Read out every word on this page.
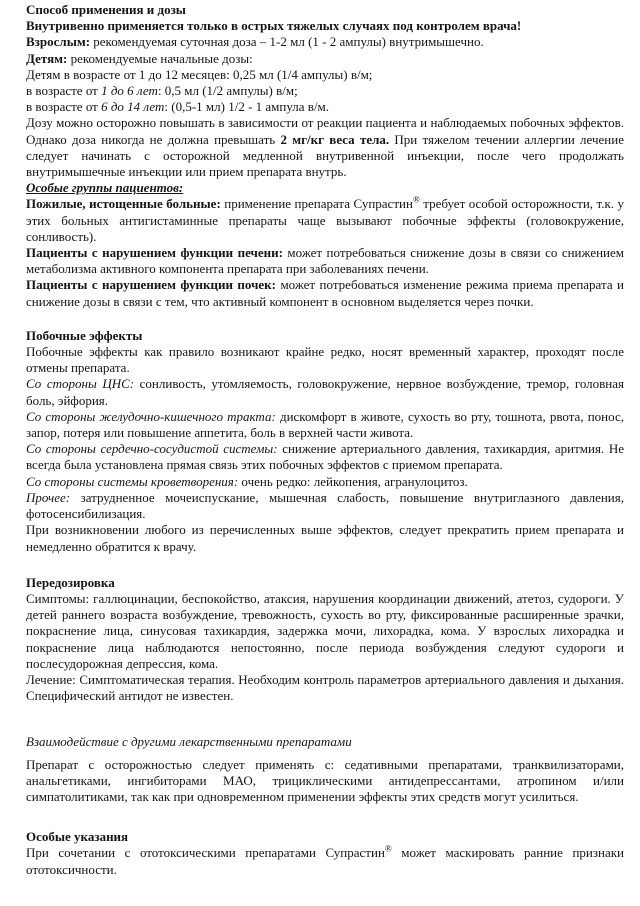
Способ применения и дозы

Внутривенно применяется только в острых тяжелых случаях под контролем врача!

Взрослым: рекомендуемая суточная доза – 1-2 мл (1 - 2 ампулы) внутримышечно.

Детям: рекомендуемые начальные дозы:

Детям в возрасте от 1 до 12 месяцев: 0,25 мл (1/4 ампулы) в/м;

в возрасте от 1 до 6 лет: 0,5 мл (1/2 ампулы) в/м;

в возрасте от 6 до 14 лет: (0,5-1 мл) 1/2 - 1 ампула в/м.

Дозу можно осторожно повышать в зависимости от реакции пациента и наблюдаемых побочных эффектов. Однако доза никогда не должна превышать 2 мг/кг веса тела. При тяжелом течении аллергии лечение следует начинать с осторожной медленной внутривенной инъекции, после чего продолжать внутримышечные инъекции или прием препарата внутрь.

Особые группы пациентов:

Пожилые, истощенные больные: применение препарата Супрастин® требует особой осторожности, т.к. у этих больных антигистаминные препараты чаще вызывают побочные эффекты (головокружение, сонливость).

Пациенты с нарушением функции печени: может потребоваться снижение дозы в связи со снижением метаболизма активного компонента препарата при заболеваниях печени.

Пациенты с нарушением функции почек: может потребоваться изменение режима приема препарата и снижение дозы в связи с тем, что активный компонент в основном выделяется через почки.

Побочные эффекты

Побочные эффекты как правило возникают крайне редко, носят временный характер, проходят после отмены препарата.

Со стороны ЦНС: сонливость, утомляемость, головокружение, нервное возбуждение, тремор, головная боль, эйфория.

Со стороны желудочно-кишечного тракта: дискомфорт в животе, сухость во рту, тошнота, рвота, понос, запор, потеря или повышение аппетита, боль в верхней части живота.

Со стороны сердечно-сосудистой системы: снижение артериального давления, тахикардия, аритмия. Не всегда была установлена прямая связь этих побочных эффектов с приемом препарата.

Со стороны системы кроветворения: очень редко: лейкопения, агранулоцитоз.

Прочее: затрудненное мочеиспускание, мышечная слабость, повышение внутриглазного давления, фотосенсибилизация.

При возникновении любого из перечисленных выше эффектов, следует прекратить прием препарата и немедленно обратится к врачу.

Передозировка

Симптомы: галлюцинации, беспокойство, атаксия, нарушения координации движений, атетоз, судороги. У детей раннего возраста возбуждение, тревожность, сухость во рту, фиксированные расширенные зрачки, покраснение лица, синусовая тахикардия, задержка мочи, лихорадка, кома. У взрослых лихорадка и покраснение лица наблюдаются непостоянно, после периода возбуждения следуют судороги и послесудорожная депрессия, кома.

Лечение: Симптоматическая терапия. Необходим контроль параметров артериального давления и дыхания. Специфический антидот не известен.

Взаимодействие с другими лекарственными препаратами

Препарат с осторожностью следует применять с: седативными препаратами, транквилизаторами, анальгетиками, ингибиторами МАО, трициклическими антидепрессантами, атропином и/или симпатолитиками, так как при одновременном применении эффекты этих средств могут усилиться.

Особые указания

При сочетании с ототоксическими препаратами Супрастин® может маскировать ранние признаки ототоксичности.
